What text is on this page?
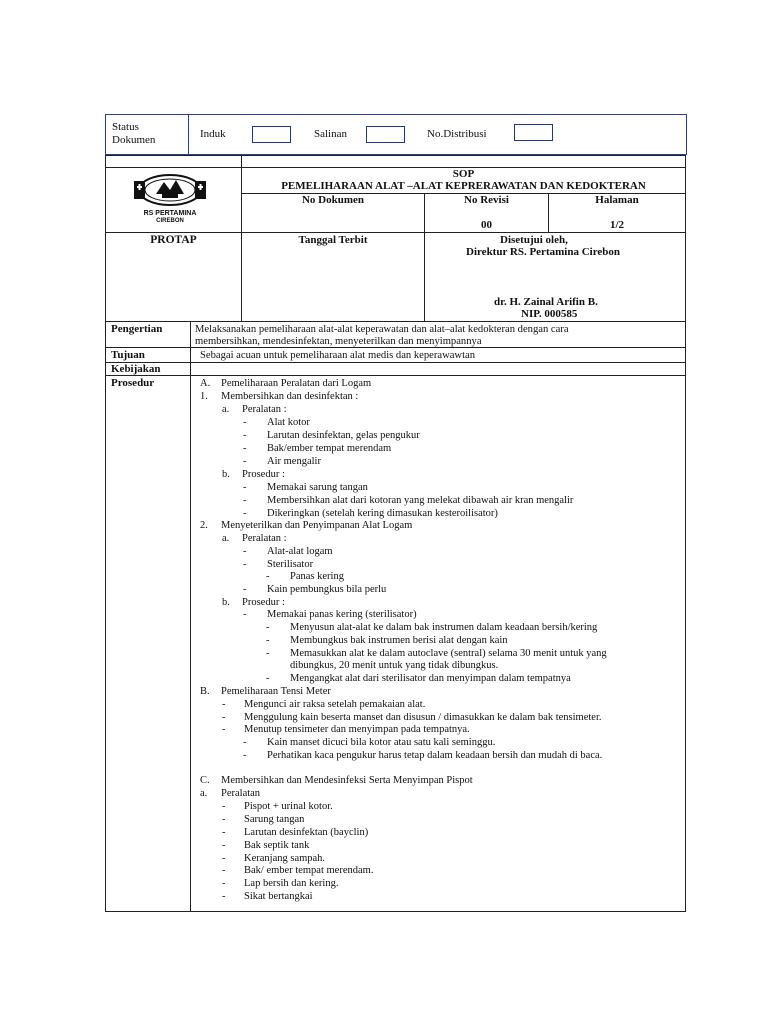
Status
Dokumen	Induk	Salinan	No.Distribusi
RS PERTAMINA
CIREBON
SOP
PEMELIHARAAN ALAT –ALAT KEPRERAWATAN DAN KEDOKTERAN
No Dokumen	No Revisi	Halaman
00	1/2
PROTAP	Tanggal Terbit	Disetujui oleh,
Direktur RS. Pertamina Cirebon
dr. H. Zainal Arifin B.
NIP. 000585
Pengertian	Melaksanakan pemeliharaan alat-alat keperawatan dan alat–alat kedokteran dengan cara
membersihkan, mendesinfektan, menyeterilkan dan menyimpannya
Tujuan	Sebagai acuan untuk pemeliharaan alat medis dan keperawawtan
Kebijakan
Prosedur	A. Pemeliharaan Peralatan dari Logam
1. Membersihkan dan desinfektan :
a. Peralatan :
- Alat kotor
- Larutan desinfektan, gelas pengukur
- Bak/ember tempat merendam
- Air mengalir
b. Prosedur :
- Memakai sarung tangan
- Membersihkan alat dari kotoran yang melekat dibawah air kran mengalir
- Dikeringkan (setelah kering dimasukan kesteroilisator)
2. Menyeterilkan dan Penyimpanan Alat Logam
a. Peralatan :
- Alat-alat logam
- Sterilisator
- Panas kering
- Kain pembungkus bila perlu
b. Prosedur :
- Memakai panas kering (sterilisator)
- Menyusun alat-alat ke dalam bak instrumen dalam keadaan bersih/kering
- Membungkus bak instrumen berisi alat dengan kain
- Memasukkan alat ke dalam autoclave (sentral) selama 30 menit untuk yang
dibungkus, 20 menit untuk yang tidak dibungkus.
- Mengangkat alat dari sterilisator dan menyimpan dalam tempatnya
B. Pemeliharaan Tensi Meter
- Mengunci air raksa setelah pemakaian alat.
- Menggulung kain beserta manset dan disusun / dimasukkan ke dalam bak tensimeter.
- Menutup tensimeter dan menyimpan pada tempatnya.
- Kain manset dicuci bila kotor atau satu kali seminggu.
- Perhatikan kaca pengukur harus tetap dalam keadaan bersih dan mudah di baca.
C. Membersihkan dan Mendesinfeksi Serta Menyimpan Pispot
a. Peralatan
- Pispot + urinal kotor.
- Sarung tangan
- Larutan desinfektan (bayclin)
- Bak septik tank
- Keranjang sampah.
- Bak/ ember tempat merendam.
- Lap bersih dan kering.
- Sikat bertangkai
